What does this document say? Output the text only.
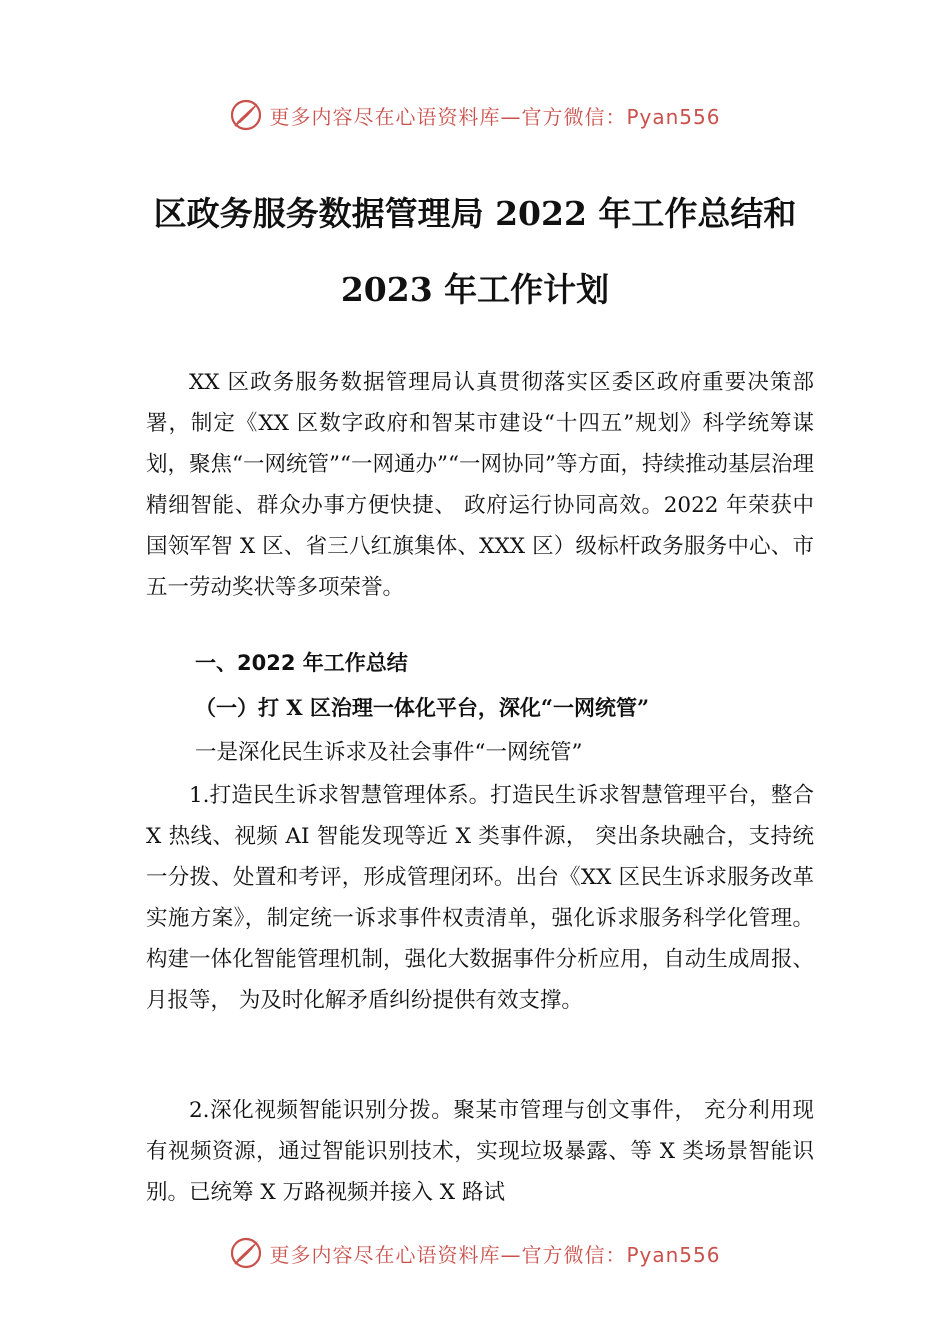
更多内容尽在心语资料库—官方微信：Pyan556
区政务服务数据管理局 2022 年工作总结和
2023 年工作计划

XX 区政务服务数据管理局认真贯彻落实区委区政府重要决策部署，制定《XX 区数字政府和智某市建设“十四五”规划》科学统筹谋划，聚焦“一网统管”“一网通办”“一网协同”等方面，持续推动基层治理精细智能、群众办事方便快捷、 政府运行协同高效。2022 年荣获中国领军智 X 区、省三八红旗集体、XXX 区）级标杆政务服务中心、市五一劳动奖状等多项荣誉。

一、2022 年工作总结
（一）打 X 区治理一体化平台，深化“一网统管”
一是深化民生诉求及社会事件“一网统管”

1.打造民生诉求智慧管理体系。打造民生诉求智慧管理平台，整合 X 热线、视频 AI 智能发现等近 X 类事件源， 突出条块融合，支持统一分拨、处置和考评，形成管理闭环。出台《XX 区民生诉求服务改革实施方案》，制定统一诉求事件权责清单，强化诉求服务科学化管理。构建一体化智能管理机制，强化大数据事件分析应用，自动生成周报、月报等， 为及时化解矛盾纠纷提供有效支撑。

2.深化视频智能识别分拨。聚某市管理与创文事件， 充分利用现有视频资源，通过智能识别技术，实现垃圾暴露、等 X 类场景智能识别。已统筹 X 万路视频并接入 X 路试

更多内容尽在心语资料库—官方微信：Pyan556
